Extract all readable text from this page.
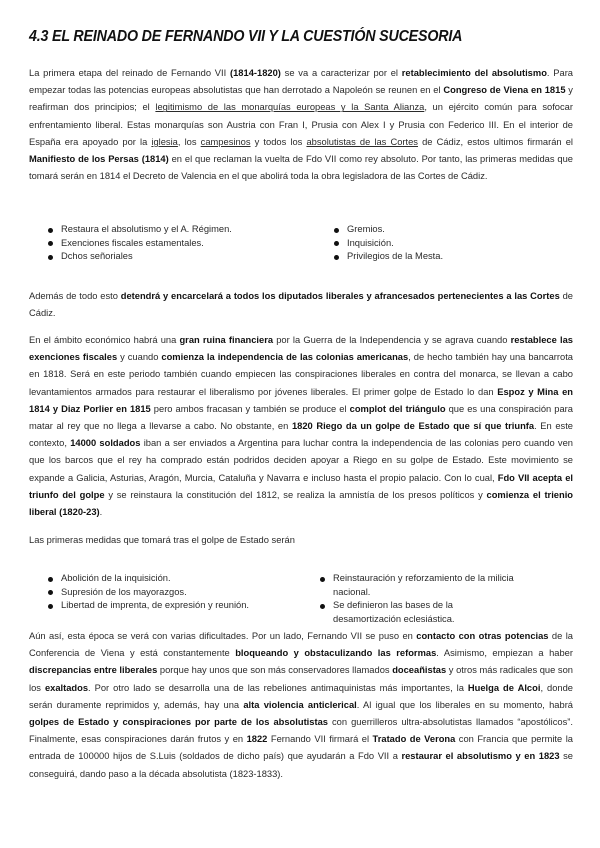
4.3 EL REINADO DE FERNANDO VII Y LA CUESTIÓN SUCESORIA

La primera etapa del reinado de Fernando VII (1814-1820) se va a caracterizar por el retablecimiento del absolutismo. Para empezar todas las potencias europeas absolutistas que han derrotado a Napoleón se reunen en el Congreso de Viena en 1815 y reafirman dos principios; el legitimismo de las monarquías europeas y la Santa Alianza, un ejército común para sofocar enfrentamiento liberal. Estas monarquías son Austria con Fran I, Prusia con Alex I y Prusia con Federico III. En el interior de España era apoyado por la iglesia, los campesinos y todos los absolutistas de las Cortes de Cádiz, estos ultimos firmarán el Manifiesto de los Persas (1814) en el que reclaman la vuelta de Fdo VII como rey absoluto. Por tanto, las primeras medidas que tomará serán en 1814 el Decreto de Valencia en el que abolirá toda la obra legisladora de las Cortes de Cádiz.

Restaura el absolutismo y el A. Régimen.
Exenciones fiscales estamentales.
Dchos señoriales
Gremios.
Inquisición.
Privilegios de la Mesta.

Además de todo esto detendrá y encarcelará a todos los diputados liberales y afrancesados pertenecientes a las Cortes de Cádiz.

En el ámbito económico habrá una gran ruina financiera por la Guerra de la Independencia y se agrava cuando restablece las exenciones fiscales y cuando comienza la independencia de las colonias americanas, de hecho también hay una bancarrota en 1818. Será en este periodo también cuando empiecen las conspiraciones liberales en contra del monarca, se llevan a cabo levantamientos armados para restaurar el liberalismo por jóvenes liberales. El primer golpe de Estado lo dan Espoz y Mina en 1814 y Diaz Porlier en 1815 pero ambos fracasan y también se produce el complot del triángulo que es una conspiración para matar al rey que no llega a llevarse a cabo. No obstante, en 1820 Riego da un golpe de Estado que sí que triunfa. En este contexto, 14000 soldados iban a ser enviados a Argentina para luchar contra la independencia de las colonias pero cuando ven que los barcos que el rey ha comprado están podridos deciden apoyar a Riego en su golpe de Estado. Este movimiento se expande a Galicia, Asturias, Aragón, Murcia, Cataluña y Navarra e incluso hasta el propio palacio. Con lo cual, Fdo VII acepta el triunfo del golpe y se reinstaura la constitución del 1812, se realiza la amnistía de los presos políticos y comienza el trienio liberal (1820-23).

Las primeras medidas que tomará tras el golpe de Estado serán

Abolición de la inquisición.
Supresión de los mayorazgos.
Libertad de imprenta, de expresión y reunión.
Reinstauración y reforzamiento de la milicia nacional.
Se definieron las bases de la desamortización eclesiástica.

Aún así, esta época se verá con varias dificultades. Por un lado, Fernando VII se puso en contacto con otras potencias de la Conferencia de Viena y está constantemente bloqueando y obstaculizando las reformas. Asimismo, empiezan a haber discrepancias entre liberales porque hay unos que son más conservadores llamados doceañistas y otros más radicales que son los exaltados. Por otro lado se desarrolla una de las rebeliones antimaquinistas más importantes, la Huelga de Alcoi, donde serán duramente reprimidos y, además, hay una alta violencia anticlerical. Al igual que los liberales en su momento, habrá golpes de Estado y conspiraciones por parte de los absolutistas con guerrilleros ultra-absolutistas llamados “apostólicos”. Finalmente, esas conspiraciones darán frutos y en 1822 Fernando VII firmará el Tratado de Verona con Francia que permite la entrada de 100000 hijos de S.Luis (soldados de dicho país) que ayudarán a Fdo VII a restaurar el absolutismo y en 1823 se conseguirá, dando paso a la década absolutista (1823-1833).
